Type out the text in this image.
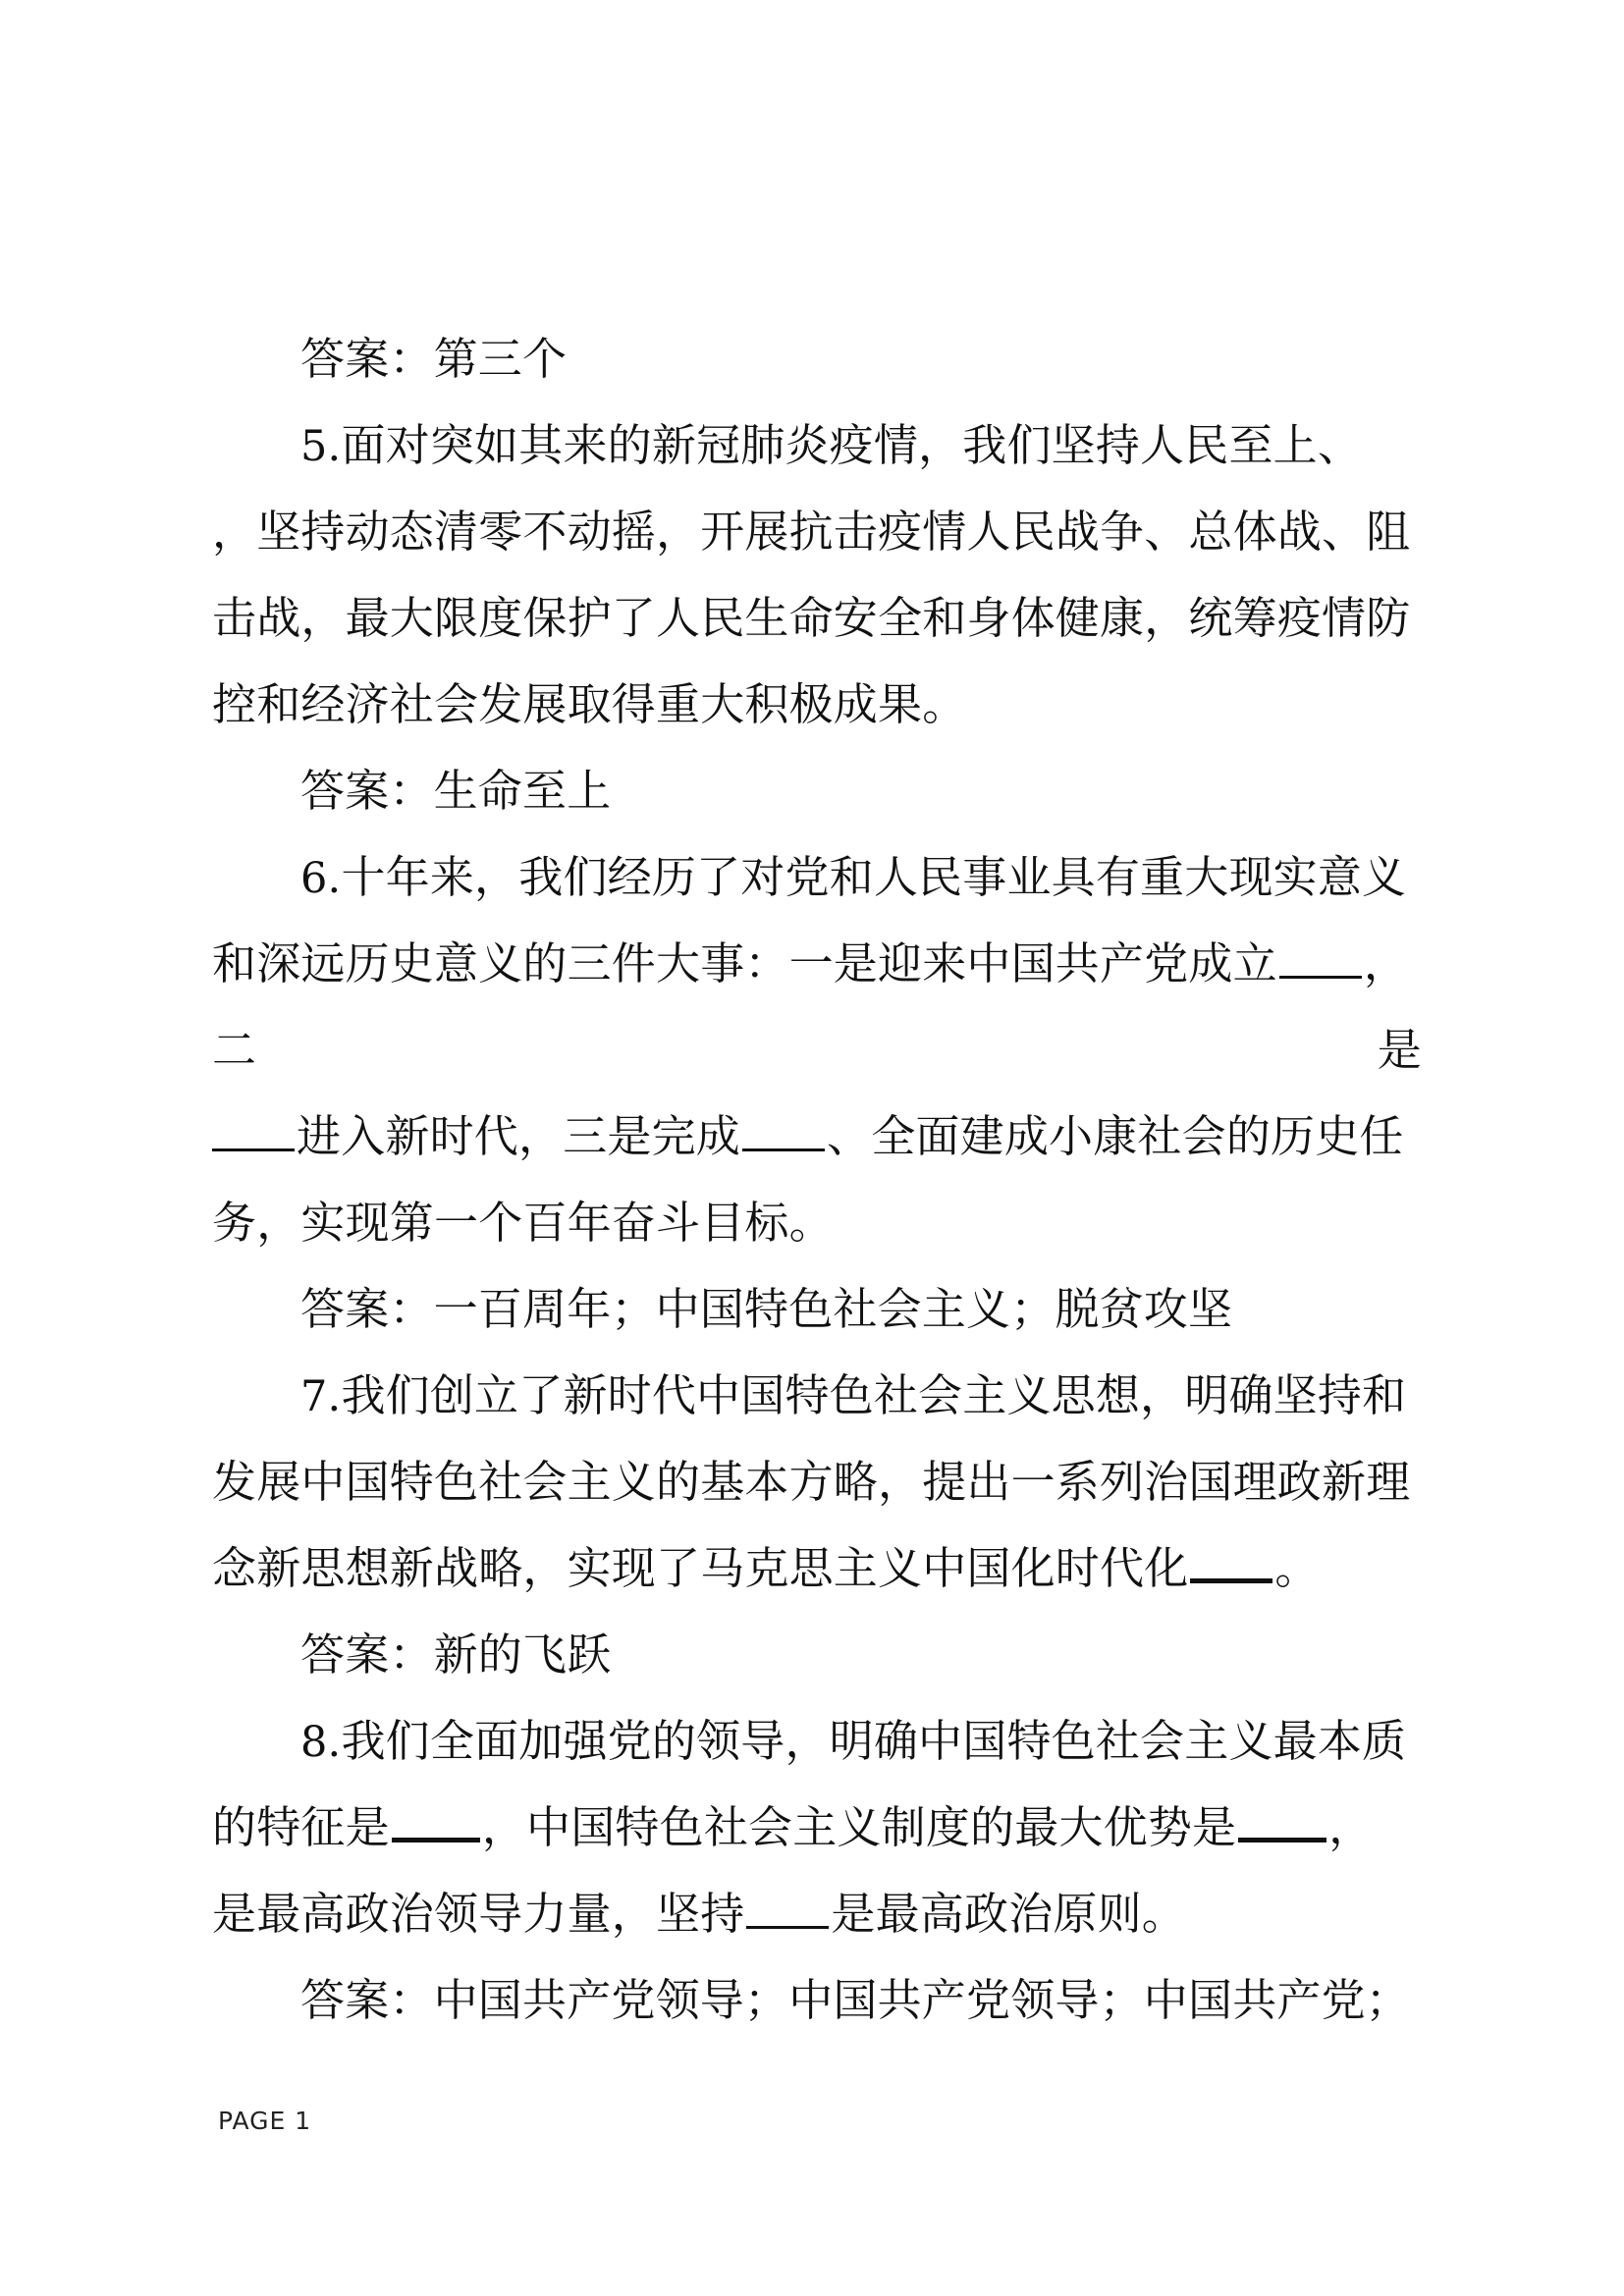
答案：第三个
5.面对突如其来的新冠肺炎疫情，我们坚持人民至上、
，坚持动态清零不动摇，开展抗击疫情人民战争、总体战、阻
击战，最大限度保护了人民生命安全和身体健康，统筹疫情防
控和经济社会发展取得重大积极成果。
答案：生命至上
6.十年来，我们经历了对党和人民事业具有重大现实意义
和深远历史意义的三件大事：一是迎来中国共产党成立 ，
二	是
进入新时代，三是完成 、全面建成小康社会的历史任
务，实现第一个百年奋斗目标。
答案：一百周年；中国特色社会主义；脱贫攻坚
7.我们创立了新时代中国特色社会主义思想，明确坚持和
发展中国特色社会主义的基本方略，提出一系列治国理政新理
念新思想新战略，实现了马克思主义中国化时代化 。
答案：新的飞跃
8.我们全面加强党的领导，明确中国特色社会主义最本质
的特征是 ，中国特色社会主义制度的最大优势是 ，
是最高政治领导力量，坚持 是最高政治原则。
答案：中国共产党领导；中国共产党领导；中国共产党；
PAGE 1
